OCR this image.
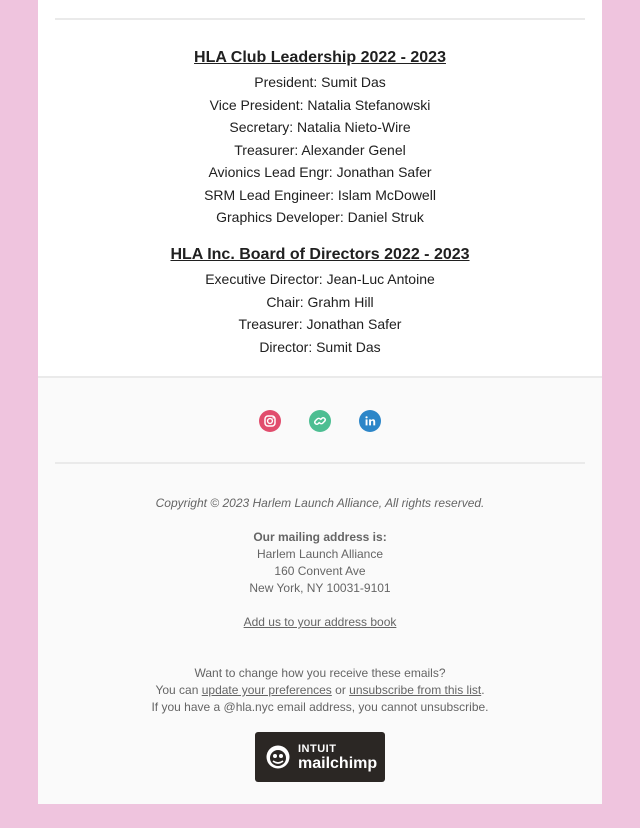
HLA Club Leadership 2022 - 2023
President: Sumit Das
Vice President: Natalia Stefanowski
Secretary: Natalia Nieto-Wire
Treasurer: Alexander Genel
Avionics Lead Engr: Jonathan Safer
SRM Lead Engineer: Islam McDowell
Graphics Developer: Daniel Struk
HLA Inc. Board of Directors 2022 - 2023
Executive Director: Jean-Luc Antoine
Chair: Grahm Hill
Treasurer: Jonathan Safer
Director: Sumit Das
Copyright © 2023 Harlem Launch Alliance, All rights reserved.
Our mailing address is:
Harlem Launch Alliance
160 Convent Ave
New York, NY 10031-9101
Add us to your address book
Want to change how you receive these emails?
You can update your preferences or unsubscribe from this list.
If you have a @hla.nyc email address, you cannot unsubscribe.
INTUIT
mailchimp
